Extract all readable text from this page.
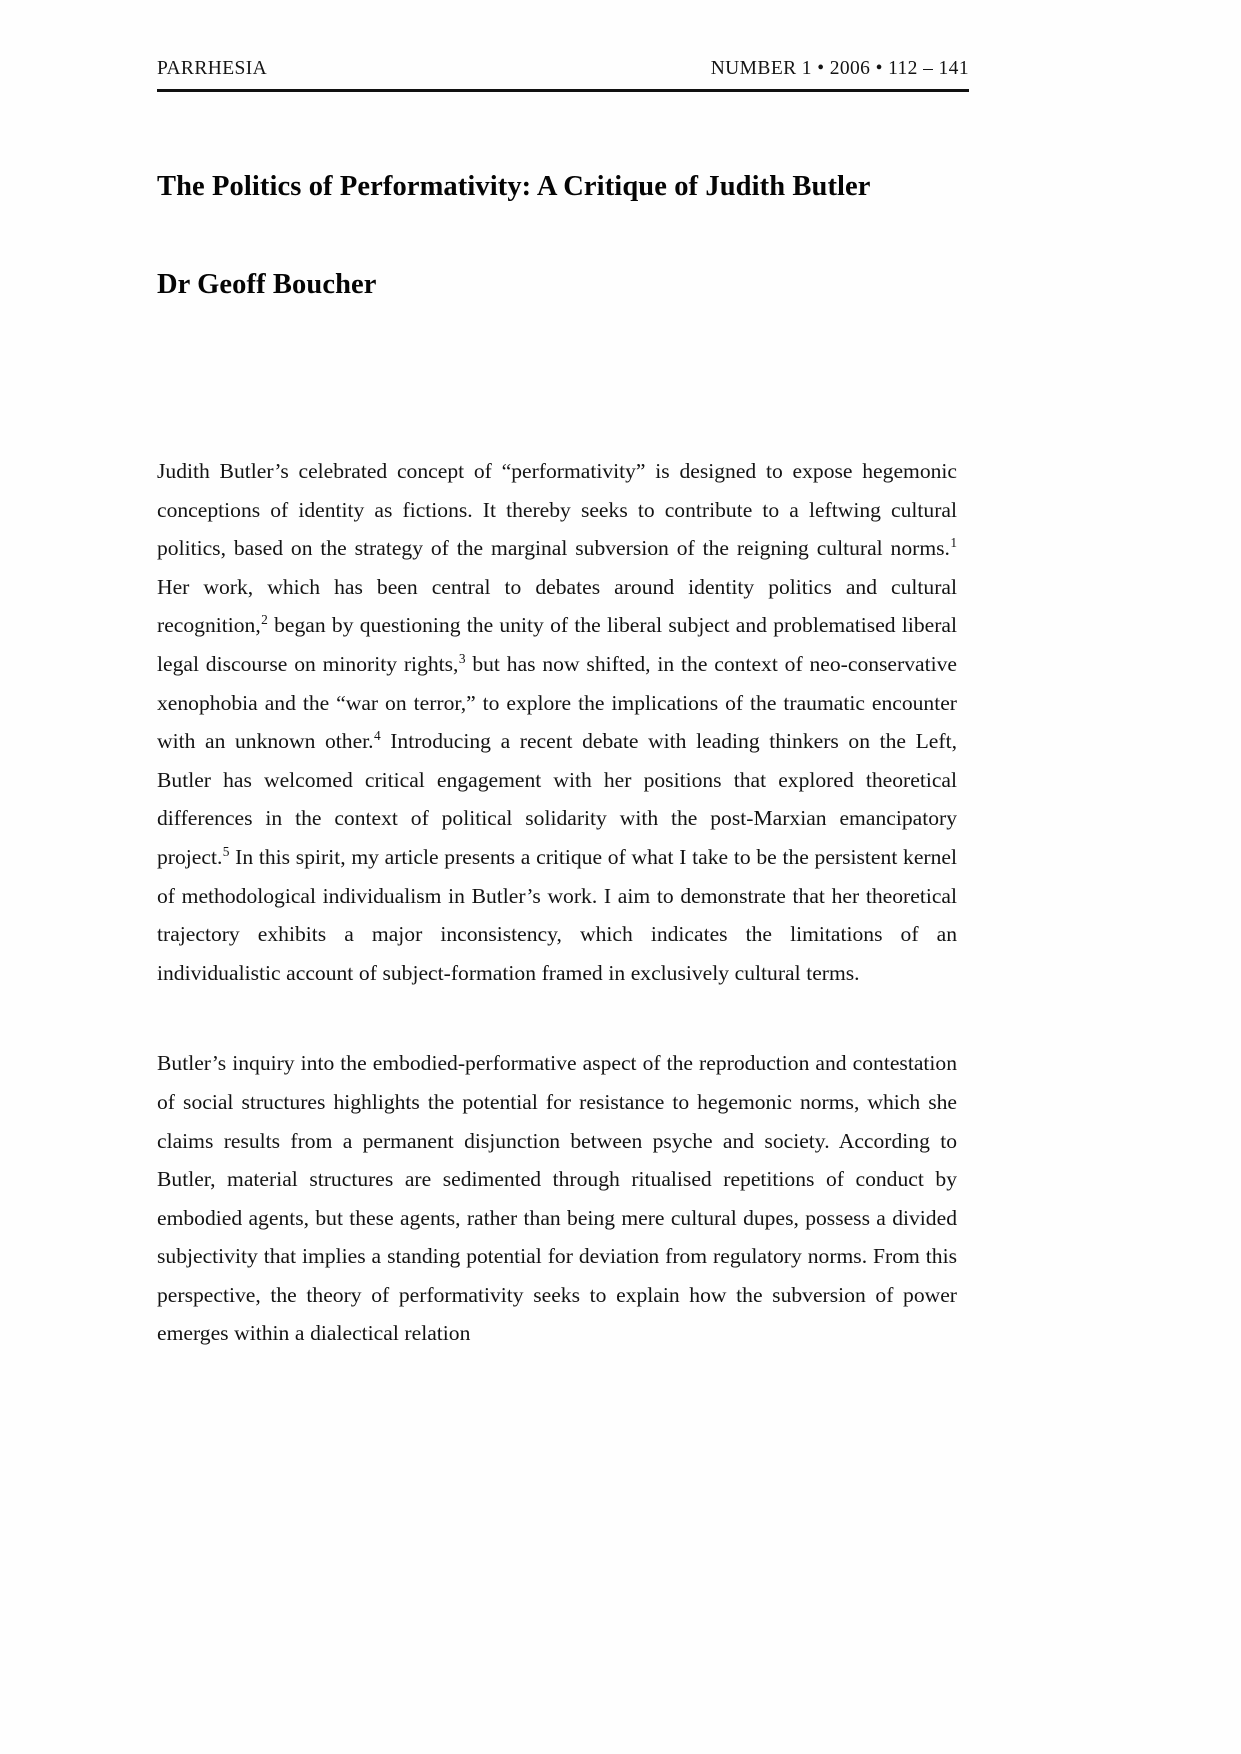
PARRHESIA	NUMBER 1 • 2006 • 112 – 141
The Politics of Performativity: A Critique of Judith Butler
Dr Geoff Boucher

Judith Butler’s celebrated concept of “performativity” is designed to expose hegemonic conceptions of identity as fictions. It thereby seeks to contribute to a leftwing cultural politics, based on the strategy of the marginal subversion of the reigning cultural norms.$^1$ Her work, which has been central to debates around identity politics and cultural recognition,$^2$ began by questioning the unity of the liberal subject and problematised liberal legal discourse on minority rights,$^3$ but has now shifted, in the context of neo-conservative xenophobia and the “war on terror,” to explore the implications of the traumatic encounter with an unknown other.$^4$ Introducing a recent debate with leading thinkers on the Left, Butler has welcomed critical engagement with her positions that explored theoretical differences in the context of political solidarity with the post-Marxian emancipatory project.$^5$ In this spirit, my article presents a critique of what I take to be the persistent kernel of methodological individualism in Butler’s work. I aim to demonstrate that her theoretical trajectory exhibits a major inconsistency, which indicates the limitations of an individualistic account of subject-formation framed in exclusively cultural terms.

Butler’s inquiry into the embodied-performative aspect of the reproduction and contestation of social structures highlights the potential for resistance to hegemonic norms, which she claims results from a permanent disjunction between psyche and society. According to Butler, material structures are sedimented through ritualised repetitions of conduct by embodied agents, but these agents, rather than being mere cultural dupes, possess a divided subjectivity that implies a standing potential for deviation from regulatory norms. From this perspective, the theory of performativity seeks to explain how the subversion of power emerges within a dialectical relation
